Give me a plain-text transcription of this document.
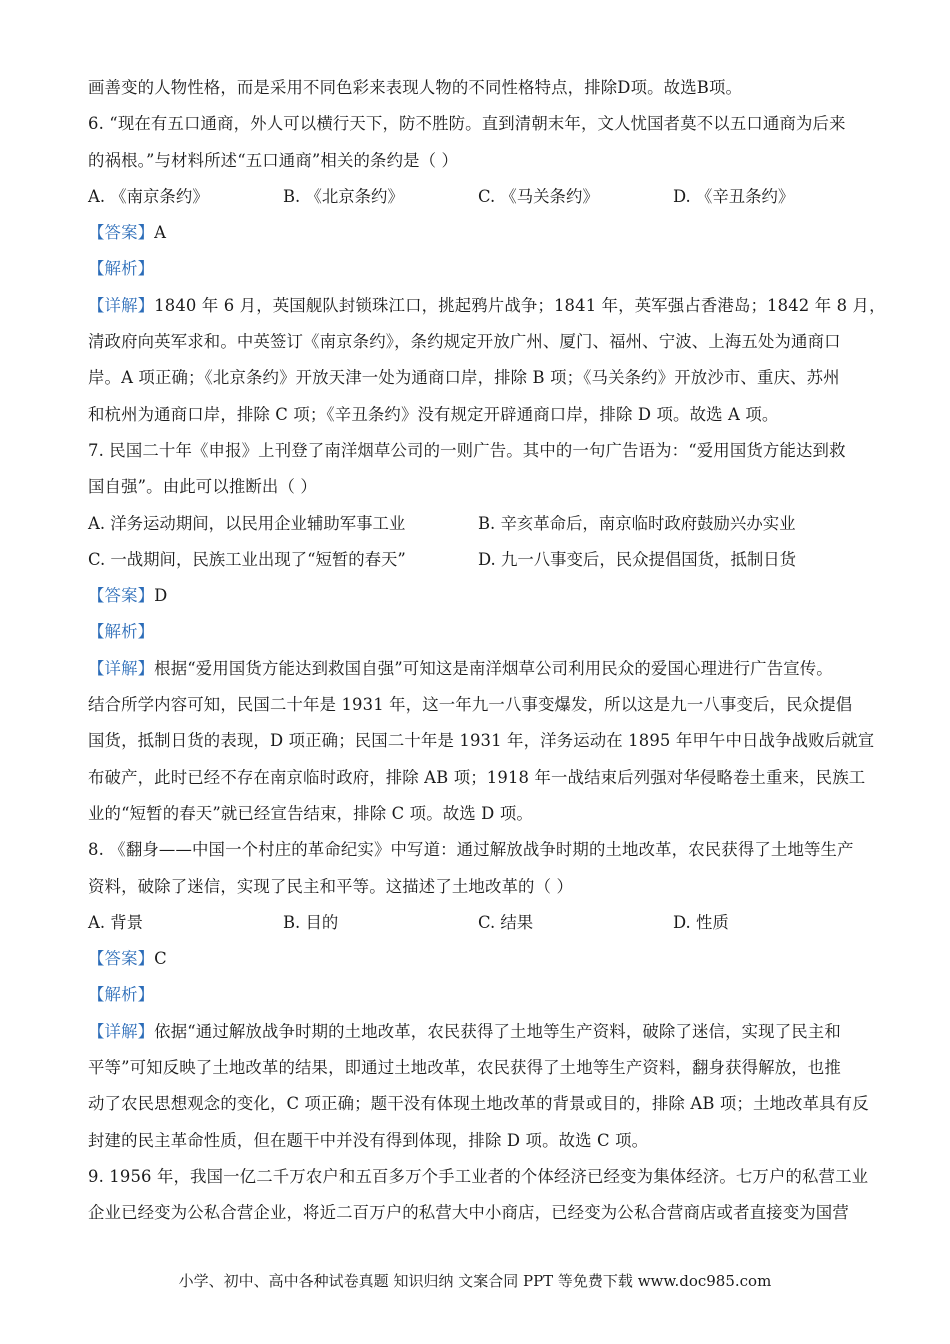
画善变的人物性格，而是采用不同色彩来表现人物的不同性格特点，排除D项。故选B项。
6. “现在有五口通商，外人可以横行天下，防不胜防。直到清朝末年，文人忧国者莫不以五口通商为后来
的祸根。”与材料所述“五口通商”相关的条约是（ ）
A. 《南京条约》	B. 《北京条约》	C. 《马关条约》	D. 《辛丑条约》
【答案】A
【解析】
【详解】1840 年 6 月，英国舰队封锁珠江口，挑起鸦片战争；1841 年，英军强占香港岛；1842 年 8 月，
清政府向英军求和。中英签订《南京条约》，条约规定开放广州、厦门、福州、宁波、上海五处为通商口
岸。A 项正确；《北京条约》开放天津一处为通商口岸，排除 B 项；《马关条约》开放沙市、重庆、苏州
和杭州为通商口岸，排除 C 项；《辛丑条约》没有规定开辟通商口岸，排除 D 项。故选 A 项。
7. 民国二十年《申报》上刊登了南洋烟草公司的一则广告。其中的一句广告语为：“爱用国货方能达到救
国自强”。由此可以推断出（ ）
A. 洋务运动期间，以民用企业辅助军事工业	B. 辛亥革命后，南京临时政府鼓励兴办实业
C. 一战期间，民族工业出现了“短暂的春天”	D. 九一八事变后，民众提倡国货，抵制日货
【答案】D
【解析】
【详解】根据“爱用国货方能达到救国自强”可知这是南洋烟草公司利用民众的爱国心理进行广告宣传。
结合所学内容可知，民国二十年是 1931 年，这一年九一八事变爆发，所以这是九一八事变后，民众提倡
国货，抵制日货的表现，D 项正确；民国二十年是 1931 年，洋务运动在 1895 年甲午中日战争战败后就宣
布破产，此时已经不存在南京临时政府，排除 AB 项；1918 年一战结束后列强对华侵略卷土重来，民族工
业的“短暂的春天”就已经宣告结束，排除 C 项。故选 D 项。
8. 《翻身——中国一个村庄的革命纪实》中写道：通过解放战争时期的土地改革，农民获得了土地等生产
资料，破除了迷信，实现了民主和平等。这描述了土地改革的（ ）
A. 背景	B. 目的	C. 结果	D. 性质
【答案】C
【解析】
【详解】依据“通过解放战争时期的土地改革，农民获得了土地等生产资料，破除了迷信，实现了民主和
平等”可知反映了土地改革的结果，即通过土地改革，农民获得了土地等生产资料，翻身获得解放，也推
动了农民思想观念的变化，C 项正确；题干没有体现土地改革的背景或目的，排除 AB 项；土地改革具有反
封建的民主革命性质，但在题干中并没有得到体现，排除 D 项。故选 C 项。
9. 1956 年，我国一亿二千万农户和五百多万个手工业者的个体经济已经变为集体经济。七万户的私营工业
企业已经变为公私合营企业，将近二百万户的私营大中小商店，已经变为公私合营商店或者直接变为国营
小学、初中、高中各种试卷真题 知识归纳 文案合同 PPT 等免费下载 www.doc985.com
